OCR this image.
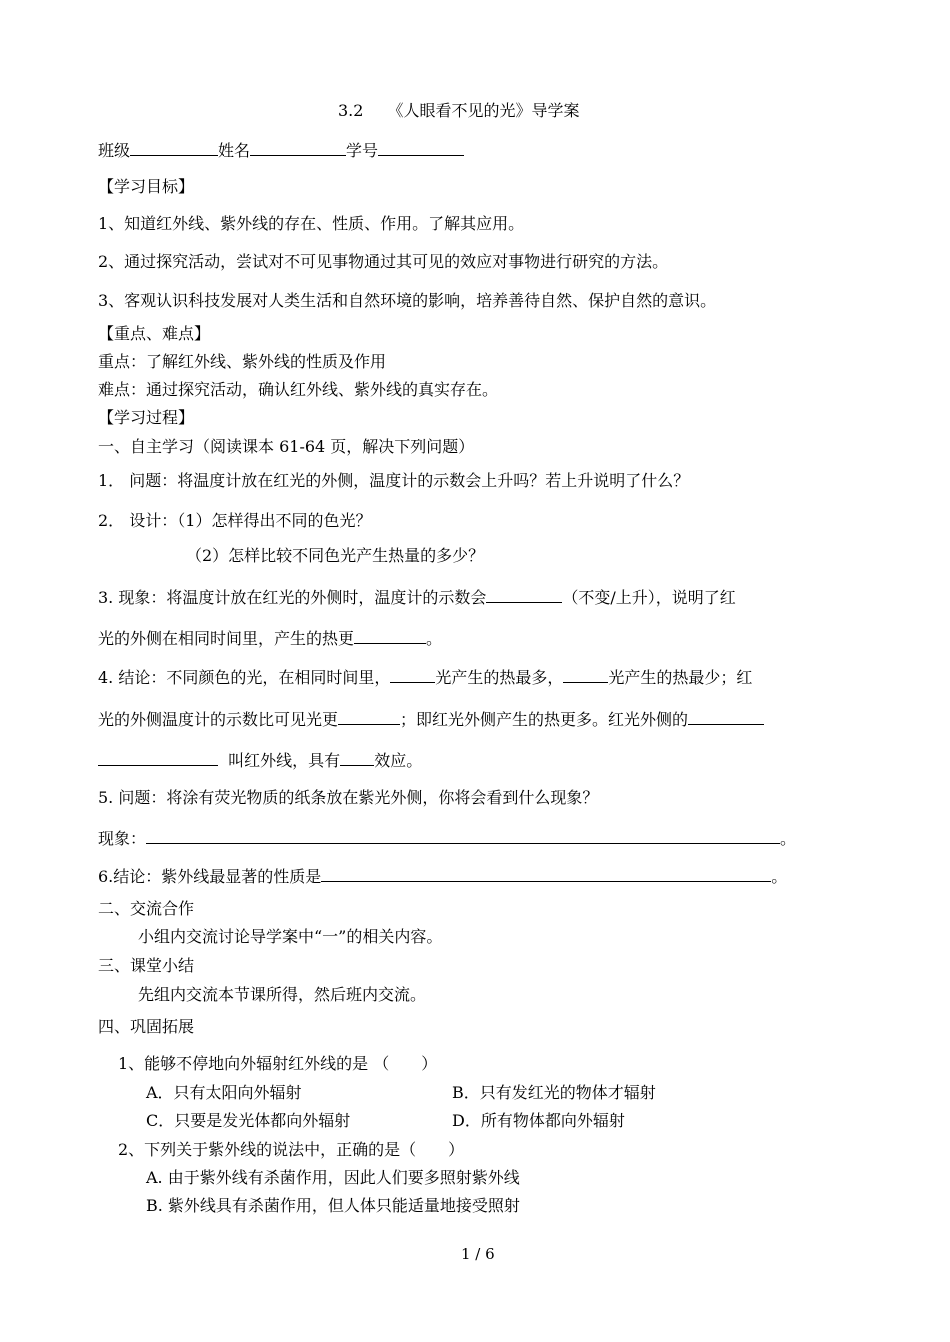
3.2　　《人眼看不见的光》导学案
班级	姓名	学号
【学习目标】
1、知道红外线、紫外线的存在、性质、作用。了解其应用。
2、通过探究活动，尝试对不可见事物通过其可见的效应对事物进行研究的方法。
3、客观认识科技发展对人类生活和自然环境的影响，培养善待自然、保护自然的意识。
【重点、难点】
重点：了解红外线、紫外线的性质及作用
难点：通过探究活动，确认红外线、紫外线的真实存在。
【学习过程】
一、自主学习（阅读课本 61-64 页，解决下列问题）
1． 问题：将温度计放在红光的外侧，温度计的示数会上升吗？若上升说明了什么？
2． 设计：（1）怎样得出不同的色光？
（2）怎样比较不同色光产生热量的多少？
3. 现象：将温度计放在红光的外侧时，温度计的示数会	（不变/上升），说明了红
光的外侧在相同时间里，产生的热更	。
4. 结论：不同颜色的光，在相同时间里，	光产生的热最多，	光产生的热最少；红
光的外侧温度计的示数比可见光更	；即红光外侧产生的热更多。红光外侧的
叫红外线，具有 效应。
5. 问题：将涂有荧光物质的纸条放在紫光外侧，你将会看到什么现象？
现象：	。
6.结论：紫外线最显著的性质是	。
二、交流合作
小组内交流讨论导学案中“一”的相关内容。
三、课堂小结
先组内交流本节课所得，然后班内交流。
四、巩固拓展
1、能够不停地向外辐射红外线的是 （　　）
A．只有太阳向外辐射	B．只有发红光的物体才辐射
C．只要是发光体都向外辐射	D．所有物体都向外辐射
2、下列关于紫外线的说法中，正确的是（　　）
A. 由于紫外线有杀菌作用，因此人们要多照射紫外线
B. 紫外线具有杀菌作用，但人体只能适量地接受照射
1 / 6
